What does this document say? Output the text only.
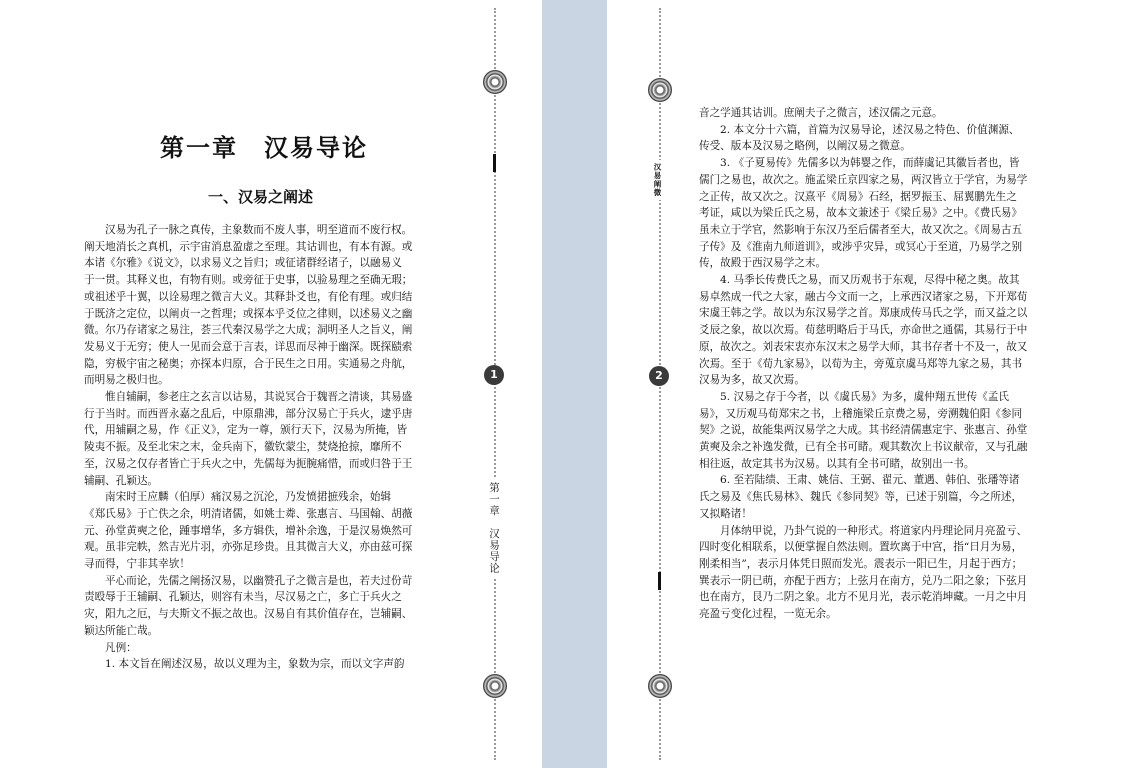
1
第一章　汉易导论
第一章　汉易导论
一、汉易之阐述

汉易为孔子一脉之真传，主象数而不废人事，明至道而不废行权。
阐天地消长之真机，示宇宙消息盈虚之至理。其诂训也，有本有源。或
本诸《尔雅》《说文》，以求易义之旨归；或征诸群经诸子，以融易义
于一贯。其释义也，有物有则。或旁征于史事，以验易理之至确无瑕；
或祖述乎十翼，以诠易理之微言大义。其释卦爻也，有伦有理。或归结
于既济之定位，以阐贞一之哲理；或探本乎爻位之律则，以述易义之幽
微。尔乃存诸家之易注，荟三代秦汉易学之大成；洞明圣人之旨义，阐
发易义于无穷；使人一见而会意于言表，详思而尽神于幽深。既探赜索
隐，穷极宇宙之秘奥；亦探本归原，合于民生之日用。实通易之舟航，
而明易之极归也。

惟自辅嗣，参老庄之玄言以诂易，其说冥合于魏晋之清谈，其易盛
行于当时。而西晋永嘉之乱后，中原鼎沸，部分汉易亡于兵火，逮乎唐
代，用辅嗣之易，作《正义》，定为一尊，颁行天下，汉易为所掩，皆
陵夷不振。及至北宋之末，金兵南下，徽钦蒙尘，焚烧抢掠，靡所不
至，汉易之仅存者皆亡于兵火之中，先儒每为扼腕痛惜，而或归咎于王
辅嗣、孔颖达。

南宋时王应麟（伯厚）痛汉易之沉沦，乃发愤捃摭残余，始辑
《郑氏易》于亡佚之余，明清诸儒，如姚士粦、张惠言、马国翰、胡薇
元、孙堂黄奭之伦，踵事增华，多方辑佚，增补余逸，于是汉易焕然可
观。虽非完帙，然吉光片羽，亦弥足珍贵。且其微言大义，亦由兹可探
寻而得，宁非其幸欤！

平心而论，先儒之阐扬汉易，以幽赞孔子之微言是也，若夫过份苛
责殴辱于王辅嗣、孔颖达，则容有未当，尽汉易之亡，多亡于兵火之
灾，阳九之厄，与夫斯文不振之故也。汉易自有其价值存在，岂辅嗣、
颖达所能亡哉。

凡例：

1. 本文旨在阐述汉易，故以义理为主，象数为宗，而以文字声韵

汉易阐微
2

音之学通其诂训。庶阐夫子之微言，述汉儒之元意。

2. 本文分十六篇，首篇为汉易导论，述汉易之特色、价值渊源、
传受、版本及汉易之略例，以阐汉易之微意。

3. 《子夏易传》先儒多以为韩婴之作，而薛虞记其徽旨者也，皆
儒门之易也，故次之。施孟梁丘京四家之易，两汉皆立于学官，为易学
之正传，故又次之。汉熹平《周易》石经，据罗振玉、屈翼鹏先生之
考证，咸以为梁丘氏之易，故本文兼述于《梁丘易》之中。《费氏易》
虽未立于学官，然影响于东汉乃至后儒者至大，故又次之。《周易古五
子传》及《淮南九师道训》，或涉乎灾异，或冥心于至道，乃易学之别
传，故殿于西汉易学之末。

4. 马季长传费氏之易，而又历观书于东观，尽得中秘之奥。故其
易卓然成一代之大家，融古今文而一之，上承西汉诸家之易，下开郑荀
宋虞王韩之学。故以为东汉易学之首。郑康成传马氏之学，而又益之以
爻辰之象，故以次焉。荀慈明略后于马氏，亦命世之通儒，其易行于中
原，故次之。刘表宋衷亦东汉末之易学大师，其书存者十不及一，故又
次焉。至于《荀九家易》，以荀为主，旁蒐京虞马郑等九家之易，其书
汉易为多，故又次焉。

5. 汉易之存于今者，以《虞氏易》为多，虞仲翔五世传《孟氏
易》，又历观马荀郑宋之书，上稽施梁丘京费之易，旁溯魏伯阳《参同
契》之说，故能集两汉易学之大成。其书经清儒惠定宇、张惠言、孙堂
黄奭及余之补逸发微，已有全书可睹。观其数次上书议献帝，又与孔融
相往返，故定其书为汉易。以其有全书可睹，故别出一书。

6. 至若陆绩、王肃、姚信、王弼、翟元、董遇、韩伯、张璠等诸
氏之易及《焦氏易林》、魏氏《参同契》等，已述于别篇，今之所述，
又拟略诸！

月体纳甲说，乃卦气说的一种形式。将道家内丹理论同月亮盈亏、
四时变化相联系，以便掌握自然法则。置坎离于中宫，指“日月为易，
刚柔相当”，表示月体凭日照而发光。震表示一阳已生，月起于西方；
巽表示一阴已萌，亦配于西方；上弦月在南方，兑乃二阳之象；下弦月
也在南方，艮乃二阴之象。北方不见月光，表示乾消坤藏。一月之中月
亮盈亏变化过程，一览无余。
